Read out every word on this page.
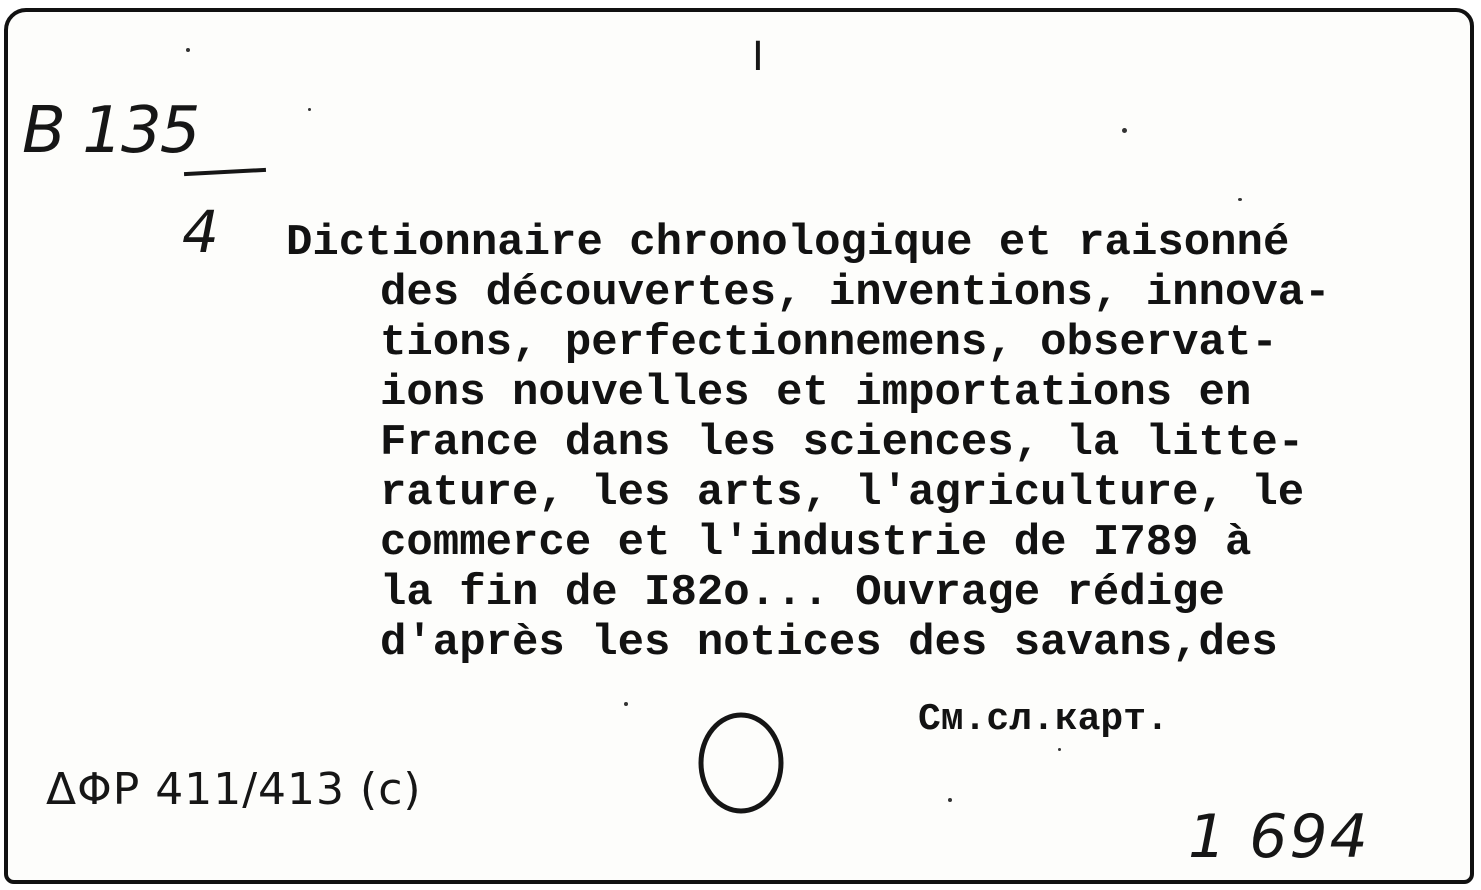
I

B 135

4 Dictionnaire chronologique et raisonné
des découvertes, inventions, innova-
tions, perfectionnemens, observat-
ions nouvelles et importations en
France dans les sciences, la litte-
rature, les arts, l'agriculture, le
commerce et l'industrie de I789 à
la fin de I82o... Ouvrage rédige
d'après les notices des savans,des

См.сл.карт.

ΔΦР 411/413 (с)

1 694
